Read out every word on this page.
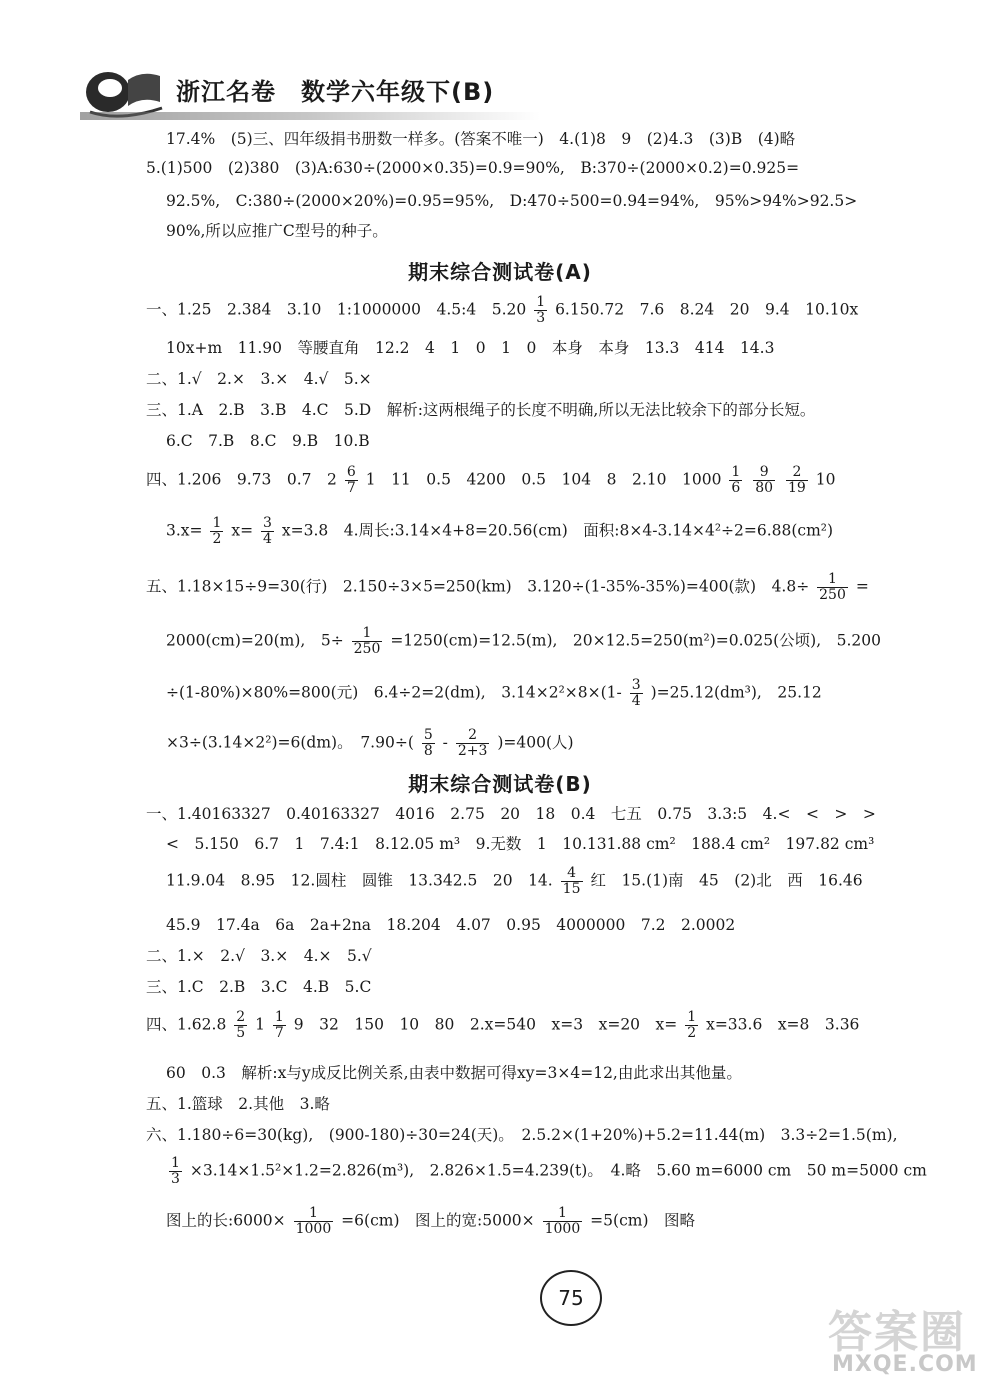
浙江名卷　数学六年级下(B)
17.4%　(5)三、四年级捐书册数一样多。(答案不唯一)　4.(1)8　9　(2)4.3　(3)B　(4)略
5.(1)500　(2)380　(3)A:630÷(2000×0.35)=0.9=90%,　B:370÷(2000×0.2)=0.925=
92.5%,　C:380÷(2000×20%)=0.95=95%,　D:470÷500=0.94=94%,　95%>94%>92.5>
90%,所以应推广C型号的种子。
期末综合测试卷(A)
一、1.25　2.384　3.10　1:1000000　4.5:4　$5.20 \frac{1}{3} 6.150.72$　7.6　8.24　20　9.4　10.10x
10x+m　11.90　等腰直角　12.2　4　1　0　1　0　本身　本身　13.3　414　14.3
二、1.√　2.×　3.×　4.√　5.×
三、1.A　2.B　3.B　4.C　5.D　解析:这两根绳子的长度不明确,所以无法比较余下的部分长短。
6.C　7.B　8.C　9.B　10.B
四、1.206　9.73　0.7　$2 \frac{6}{7} 1$　11　0.5　4200　0.5　104　8　2.10　$1000 \frac{1}{6}$
$\frac{9}{80}$
$\frac{2}{19} 10$
$3.x= \frac{1}{2} x= \frac{3}{4} x=3.8$　4.周长:3.14×4+8=20.56(cm)　面积:8×4-3.14×4²÷2=6.88(cm²)
五、1.18×15÷9=30(行)　2.150÷3×5=250(km)　3.120÷(1-35%-35%)=400(款)　$4.8\div \frac{1}{250}$ =
2000(cm)=20(m),　$5\div \frac{1}{250} =1250(cm)=12.5(m)$,　20×12.5=250(m²)=0.025(公顷),　5.200
÷(1-80%)×80%=800(元)　6.4÷2=2(dm),　$3.14\times 2^2\times 8\times(1- \frac{3}{4} )=25.12(dm^3)$,　25.12
×3÷(3.14×2²)=6(dm)。　$7.90\div( \frac{5}{8} - \frac{2}{2+3} )=400$(人)
期末综合测试卷(B)
一、1.40163327　0.40163327　4016　2.75　20　18　0.4　七五　0.75　3.3:5　4.<　<　>　>
<　5.150　6.7　1　7.4:1　8.12.05 m³　9.无数　1　10.131.88 cm²　188.4 cm²　197.82 cm³
11.9.04　8.95　12.圆柱　圆锥　13.342.5　20　14. $\frac{4}{15}$ 红　15.(1)南　45　(2)北　西　16.46
45.9　17.4a　6a　2a+2na　18.204　4.07　0.95　4000000　7.2　2.0002
二、1.×　2.√　3.×　4.×　5.√
三、1.C　2.B　3.C　4.B　5.C
四、$1.62.8 \frac{2}{5} 1 \frac{1}{7} 9$　32　150　10　80　2.x=540　x=3　x=20　$x= \frac{1}{2} x=33.6$　x=8　3.36
60　0.3　解析:x与y成反比例关系,由表中数据可得xy=3×4=12,由此求出其他量。
五、1.篮球　2.其他　3.略
六、1.180÷6=30(kg),　(900-180)÷30=24(天)。　2.5.2×(1+20%)+5.2=11.44(m)　3.3÷2=1.5(m),
$\frac{1}{3} \times 3.14\times 1.5^2\times 1.2=2.826(m^3)$,　2.826×1.5=4.239(t)。　4.略　5.60 m=6000 cm　50 m=5000 cm
图上的长:6000× $\frac{1}{1000} =6(cm)$　图上的宽:5000× $\frac{1}{1000} =5(cm)$　图略
75
答案圈
MXQE.COM
